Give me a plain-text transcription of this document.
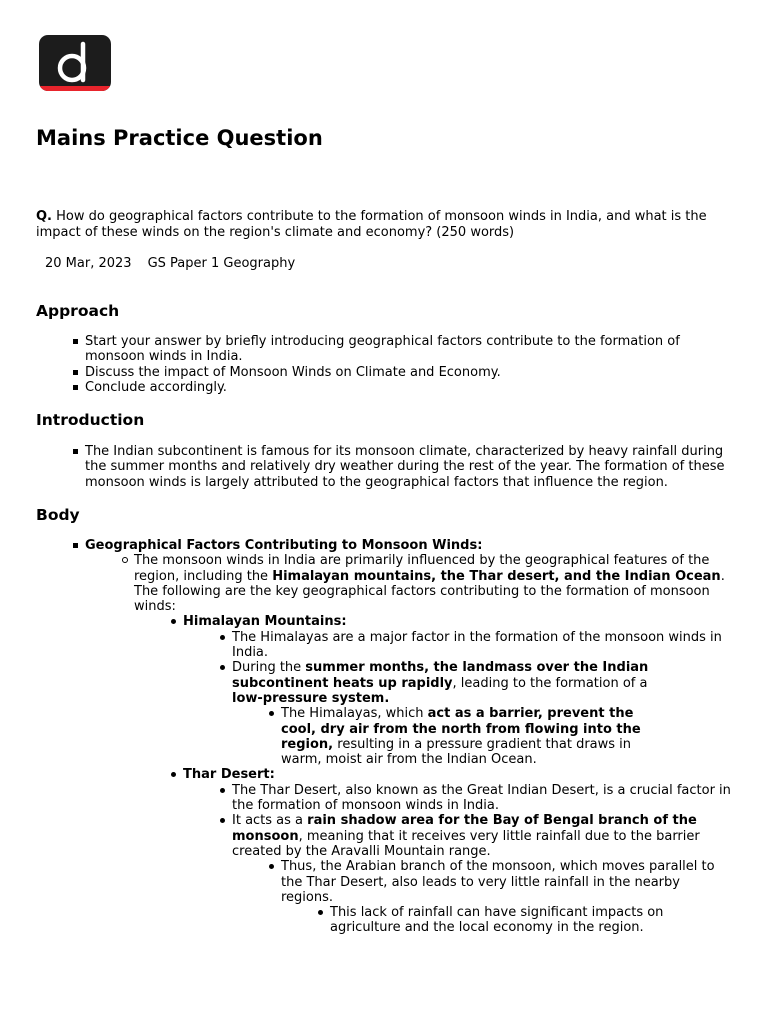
Mains Practice Question

Q. How do geographical factors contribute to the formation of monsoon winds in India, and what is the impact of these winds on the region's climate and economy? (250 words)

20 Mar, 2023 GS Paper 1 Geography
Approach
Start your answer by briefly introducing geographical factors contribute to the formation of monsoon winds in India.
Discuss the impact of Monsoon Winds on Climate and Economy.
Conclude accordingly.
Introduction
The Indian subcontinent is famous for its monsoon climate, characterized by heavy rainfall during the summer months and relatively dry weather during the rest of the year. The formation of these monsoon winds is largely attributed to the geographical factors that influence the region.
Body
Geographical Factors Contributing to Monsoon Winds:
The monsoon winds in India are primarily influenced by the geographical features of the region, including the Himalayan mountains, the Thar desert, and the Indian Ocean. The following are the key geographical factors contributing to the formation of monsoon winds:
Himalayan Mountains:
The Himalayas are a major factor in the formation of the monsoon winds in India.
During the summer months, the landmass over the Indian subcontinent heats up rapidly, leading to the formation of a low-pressure system.
The Himalayas, which act as a barrier, prevent the cool, dry air from the north from flowing into the region, resulting in a pressure gradient that draws in warm, moist air from the Indian Ocean.
Thar Desert:
The Thar Desert, also known as the Great Indian Desert, is a crucial factor in the formation of monsoon winds in India.
It acts as a rain shadow area for the Bay of Bengal branch of the monsoon, meaning that it receives very little rainfall due to the barrier created by the Aravalli Mountain range.
Thus, the Arabian branch of the monsoon, which moves parallel to the Thar Desert, also leads to very little rainfall in the nearby regions.
This lack of rainfall can have significant impacts on agriculture and the local economy in the region.
